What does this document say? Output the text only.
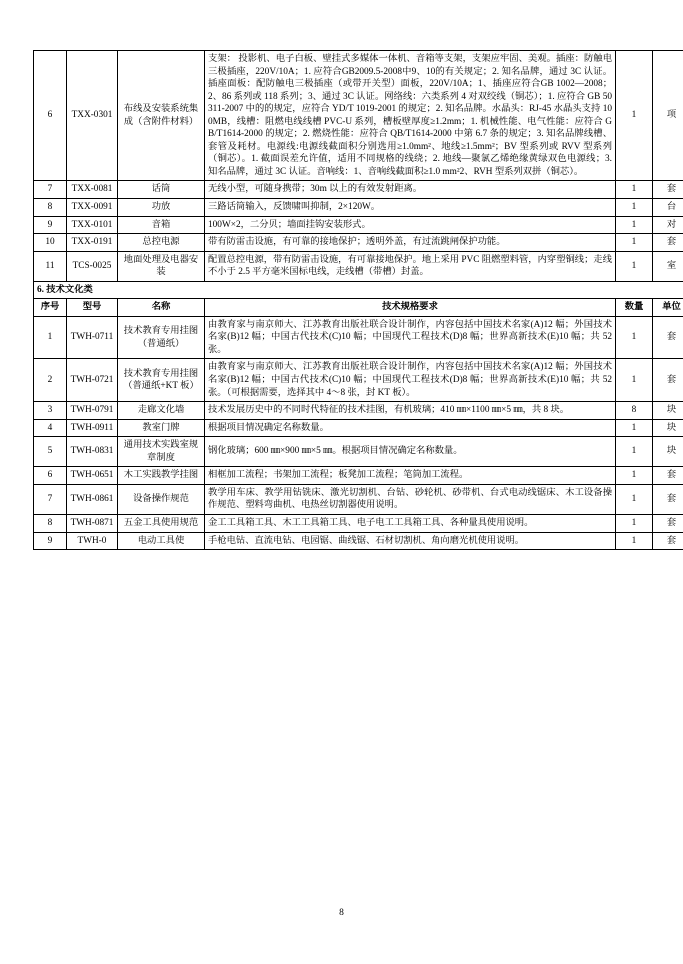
6	TXX-0301	布线及安装系统集成（含附件材料）	支架： 投影机、电子白板、壁挂式多媒体一体机、音箱等支架，支架应牢固、美观。插座：防触电三极插座，220V/10A；1. 应符合GB2009.5-2008中9、10的有关规定；2. 知名品牌，通过 3C 认证。插座面板：配防触电三极插座（或带开关型）面板，220V/10A；1、插座应符合GB 1002—2008；2、86 系列或 118 系列；3、通过 3C 认证。网络线：六类系列 4 对双绞线（铜芯）；1. 应符合 GB 50311-2007 中的的规定，应符合 YD/T 1019-2001 的规定；2. 知名品牌。水晶头：RJ-45 水晶头支持 100MB，线槽：阻燃电线线槽 PVC-U 系列，槽板壁厚度≥1.2mm；1. 机械性能、电气性能：应符合 GB/T1614-2000 的规定；2. 燃烧性能：应符合 QB/T1614-2000 中第 6.7 条的规定；3. 知名品牌线槽、套管及耗材。电源线:电源线截面积分别选用≥1.0mm²、地线≥1.5mm²；BV 型系列或 RVV 型系列（铜芯）。1. 截面误差允许值，适用不同规格的线绕；2. 地线—聚氯乙烯绝缘黄绿双色电源线；3. 知名品牌，通过 3C 认证。音响线：1、音响线截面积≥1.0 mm²2、RVH 型系列双拼（铜芯）。	1	项
7	TXX-0081	话筒	无线小型，可随身携带；30m 以上的有效发射距离。	1	套
8	TXX-0091	功放	三路话筒输入，反馈啸叫抑制，2×120W。	1	台
9	TXX-0101	音箱	100W×2，二分贝；墙面挂钩安装形式。	1	对
10	TXX-0191	总控电源	带有防雷击设施，有可靠的接地保护；透明外盖，有过流跳闸保护功能。	1	套
11	TCS-0025	地面处理及电器安装	配置总控电源，带有防雷击设施，有可靠接地保护。地上采用 PVC 阻燃塑料管，内穿塑铜线；走线不小于 2.5 平方毫米国标电线，走线槽（带槽）封盖。	1	室
6. 技术文化类					
序号	型号	名称	技术规格要求	数量	单位
1	TWH-0711	技术教育专用挂图（普通纸）	由教育家与南京师大、江苏教育出版社联合设计制作，内容包括中国技术名家(A)12 幅；外国技术名家(B)12 幅；中国古代技术(C)10 幅；中国现代工程技术(D)8 幅；世界高新技术(E)10 幅；共 52 张。	1	套
2	TWH-0721	技术教育专用挂图（普通纸+KT 板）	由教育家与南京师大、江苏教育出版社联合设计制作，内容包括中国技术名家(A)12 幅；外国技术名家(B)12 幅；中国古代技术(C)10 幅；中国现代工程技术(D)8 幅；世界高新技术(E)10 幅；共 52 张。（可根据需要，选择其中 4～8 张，封 KT 板）。	1	套
3	TWH-0791	走廊文化墙	技术发展历史中的不同时代特征的技术挂图，有机玻璃；410 ㎜×1100 ㎜×5 ㎜，共 8 块。	8	块
4	TWH-0911	教室门牌	根据项目情况确定名称数量。	1	块
5	TWH-0831	通用技术实践室规章制度	钢化玻璃；600 ㎜×900 ㎜×5 ㎜。根据项目情况确定名称数量。	1	块
6	TWH-0651	木工实践教学挂图	相框加工流程；书架加工流程；板凳加工流程；笔筒加工流程。	1	套
7	TWH-0861	设备操作规范	教学用车床、教学用钻铣床、激光切割机、台钻、砂轮机、砂带机、台式电动线锯床、木工设备操作规范、塑料弯曲机、电热丝切割器使用说明。	1	套
8	TWH-0871	五金工具使用规范	金工工具箱工具、木工工具箱工具、电子电工工具箱工具、各种量具使用说明。	1	套
9	TWH-0	电动工具使	手枪电钻、直流电钻、电园锯、曲线锯、石材切割机、角向磨光机使用说明。	1	套
8
